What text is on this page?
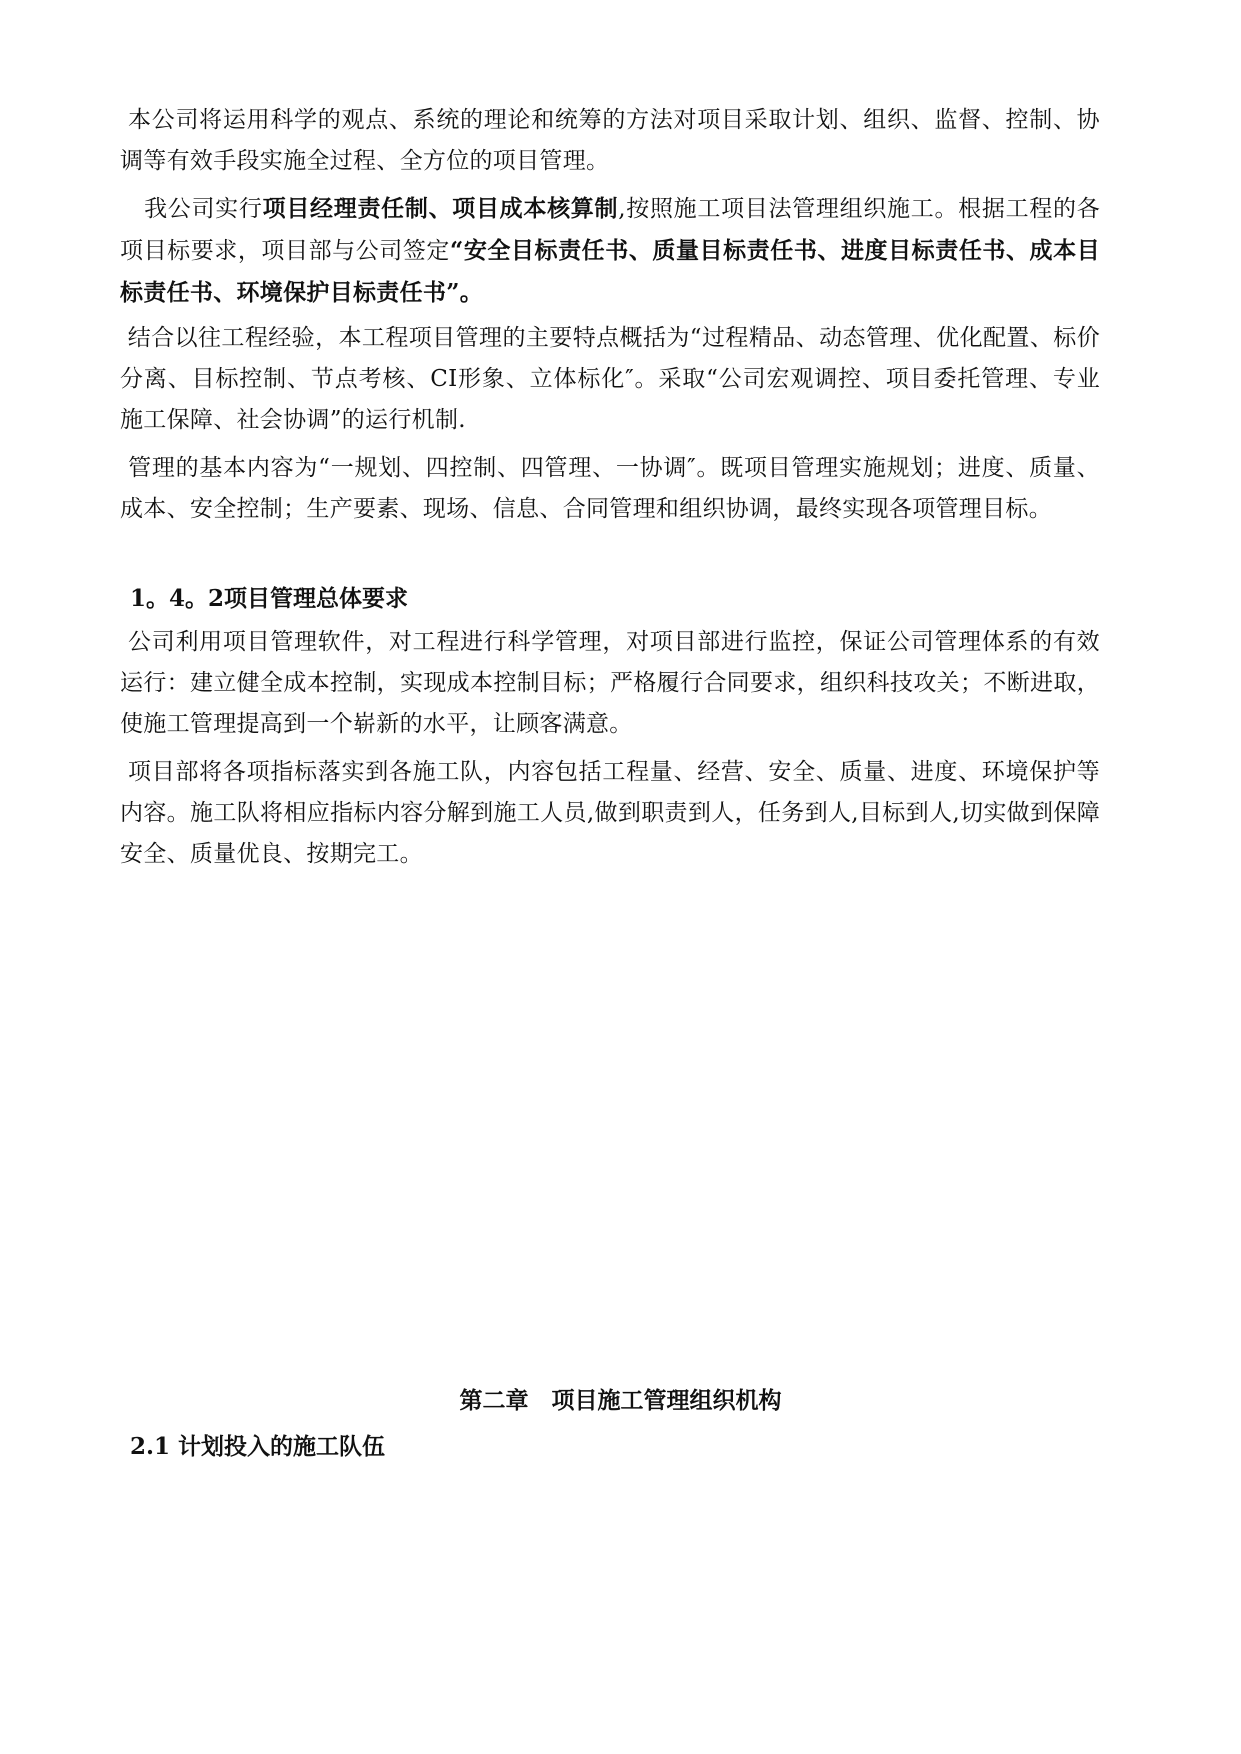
本公司将运用科学的观点、系统的理论和统筹的方法对项目采取计划、组织、监督、控制、协调等有效手段实施全过程、全方位的项目管理。

我公司实行项目经理责任制、项目成本核算制,按照施工项目法管理组织施工。根据工程的各项目标要求，项目部与公司签定“安全目标责任书、质量目标责任书、进度目标责任书、成本目标责任书、环境保护目标责任书”。

结合以往工程经验，本工程项目管理的主要特点概括为“过程精品、动态管理、优化配置、标价分离、目标控制、节点考核、CI形象、立体标化″。采取“公司宏观调控、项目委托管理、专业施工保障、社会协调”的运行机制.

管理的基本内容为“一规划、四控制、四管理、一协调″。既项目管理实施规划；进度、质量、成本、安全控制；生产要素、现场、信息、合同管理和组织协调，最终实现各项管理目标。

1。4。2项目管理总体要求

公司利用项目管理软件，对工程进行科学管理，对项目部进行监控，保证公司管理体系的有效运行：建立健全成本控制，实现成本控制目标；严格履行合同要求，组织科技攻关；不断进取，使施工管理提高到一个崭新的水平，让顾客满意。

项目部将各项指标落实到各施工队，内容包括工程量、经营、安全、质量、进度、环境保护等内容。施工队将相应指标内容分解到施工人员,做到职责到人，任务到人,目标到人,切实做到保障安全、质量优良、按期完工。

第二章　项目施工管理组织机构
2.1 计划投入的施工队伍
